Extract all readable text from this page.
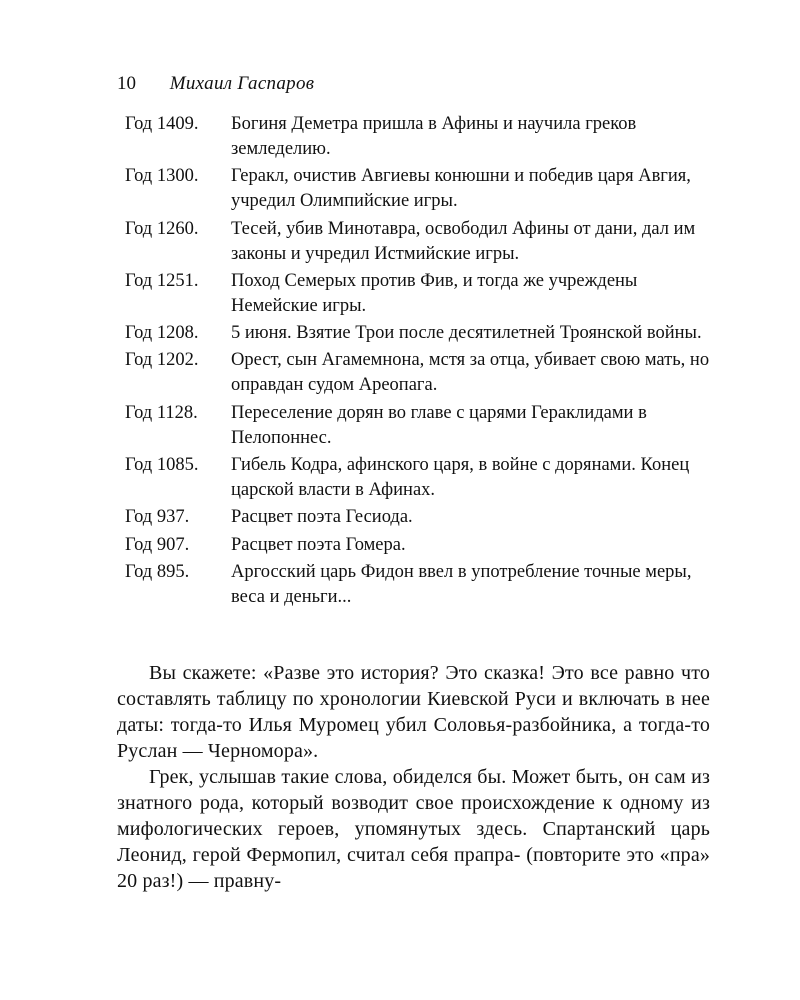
10 Михаил Гаспаров
Год 1409.	Богиня Деметра пришла в Афины и научила греков земледелию.
Год 1300.	Геракл, очистив Авгиевы конюшни и победив царя Авгия, учредил Олимпийские игры.
Год 1260.	Тесей, убив Минотавра, освободил Афины от дани, дал им законы и учредил Истмийские игры.
Год 1251.	Поход Семерых против Фив, и тогда же учреждены Немейские игры.
Год 1208.	5 июня. Взятие Трои после десятилетней Троянской войны.
Год 1202.	Орест, сын Агамемнона, мстя за отца, убивает свою мать, но оправдан судом Ареопага.
Год 1128.	Переселение дорян во главе с царями Гераклидами в Пелопоннес.
Год 1085.	Гибель Кодра, афинского царя, в войне с дорянами. Конец царской власти в Афинах.
Год 937.	Расцвет поэта Гесиода.
Год 907.	Расцвет поэта Гомера.
Год 895.	Аргосский царь Фидон ввел в употребление точные меры, веса и деньги...

Вы скажете: «Разве это история? Это сказка! Это все равно что составлять таблицу по хронологии Киевской Руси и включать в нее даты: тогда-то Илья Муромец убил Соловья-разбойника, а тогда-то Руслан — Черномора».

Грек, услышав такие слова, обиделся бы. Может быть, он сам из знатного рода, который возводит свое происхождение к одному из мифологических героев, упомянутых здесь. Спартанский царь Леонид, герой Фермопил, считал себя прапра- (повторите это «пра» 20 раз!) — правну-
